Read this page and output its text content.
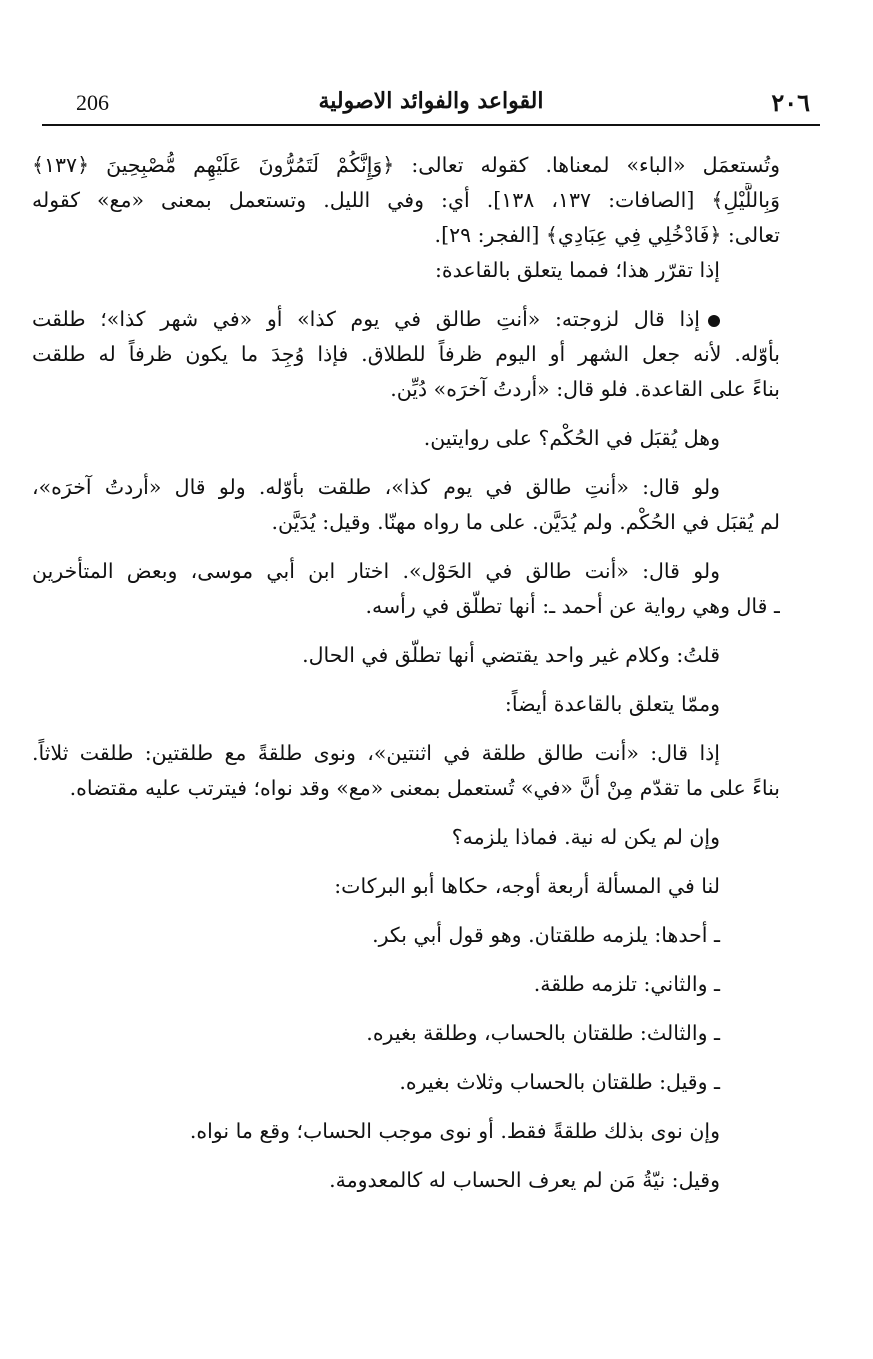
206	القواعد والفوائد الاصولية	٢٠٦
وتُستعمَل «الباء» لمعناها. كقوله تعالى: ﴿وَإِنَّكُمْ لَتَمُرُّونَ عَلَيْهِم مُّصْبِحِينَ ﴿١٣٧﴾
وَبِاللَّيْلِ﴾ [الصافات: ١٣٧، ١٣٨]. أي: وفي الليل. وتستعمل بمعنى «مع» كقوله
تعالى: ﴿فَادْخُلِي فِي عِبَادِي﴾ [الفجر: ٢٩].
إذا تقرّر هذا؛ فمما يتعلق بالقاعدة:
إذا قال لزوجته: «أنتِ طالق في يوم كذا» أو «في شهر كذا»؛ طلقت
بأوّله. لأنه جعل الشهر أو اليوم ظرفاً للطلاق. فإذا وُجِدَ ما يكون ظرفاً له طلقت
بناءً على القاعدة. فلو قال: «أردتُ آخرَه» دُيِّن.
وهل يُقبَل في الحُكْم؟ على روايتين.
ولو قال: «أنتِ طالق في يوم كذا»، طلقت بأوّله. ولو قال «أردتُ آخرَه»،
لم يُقبَل في الحُكْم. ولم يُدَيَّن. على ما رواه مهنّا. وقيل: يُدَيَّن.
ولو قال: «أنت طالق في الحَوْل». اختار ابن أبي موسى، وبعض المتأخرين
ـ قال وهي رواية عن أحمد ـ: أنها تطلّق في رأسه.
قلتُ: وكلام غير واحد يقتضي أنها تطلّق في الحال.
وممّا يتعلق بالقاعدة أيضاً:
إذا قال: «أنت طالق طلقة في اثنتين»، ونوى طلقةً مع طلقتين: طلقت ثلاثاً.
بناءً على ما تقدّم مِنْ أنَّ «في» تُستعمل بمعنى «مع» وقد نواه؛ فيترتب عليه مقتضاه.
وإن لم يكن له نية. فماذا يلزمه؟
لنا في المسألة أربعة أوجه، حكاها أبو البركات:
ـ أحدها: يلزمه طلقتان. وهو قول أبي بكر.
ـ والثاني: تلزمه طلقة.
ـ والثالث: طلقتان بالحساب، وطلقة بغيره.
ـ وقيل: طلقتان بالحساب وثلاث بغيره.
وإن نوى بذلك طلقةً فقط. أو نوى موجب الحساب؛ وقع ما نواه.
وقيل: نيّةُ مَن لم يعرف الحساب له كالمعدومة.
